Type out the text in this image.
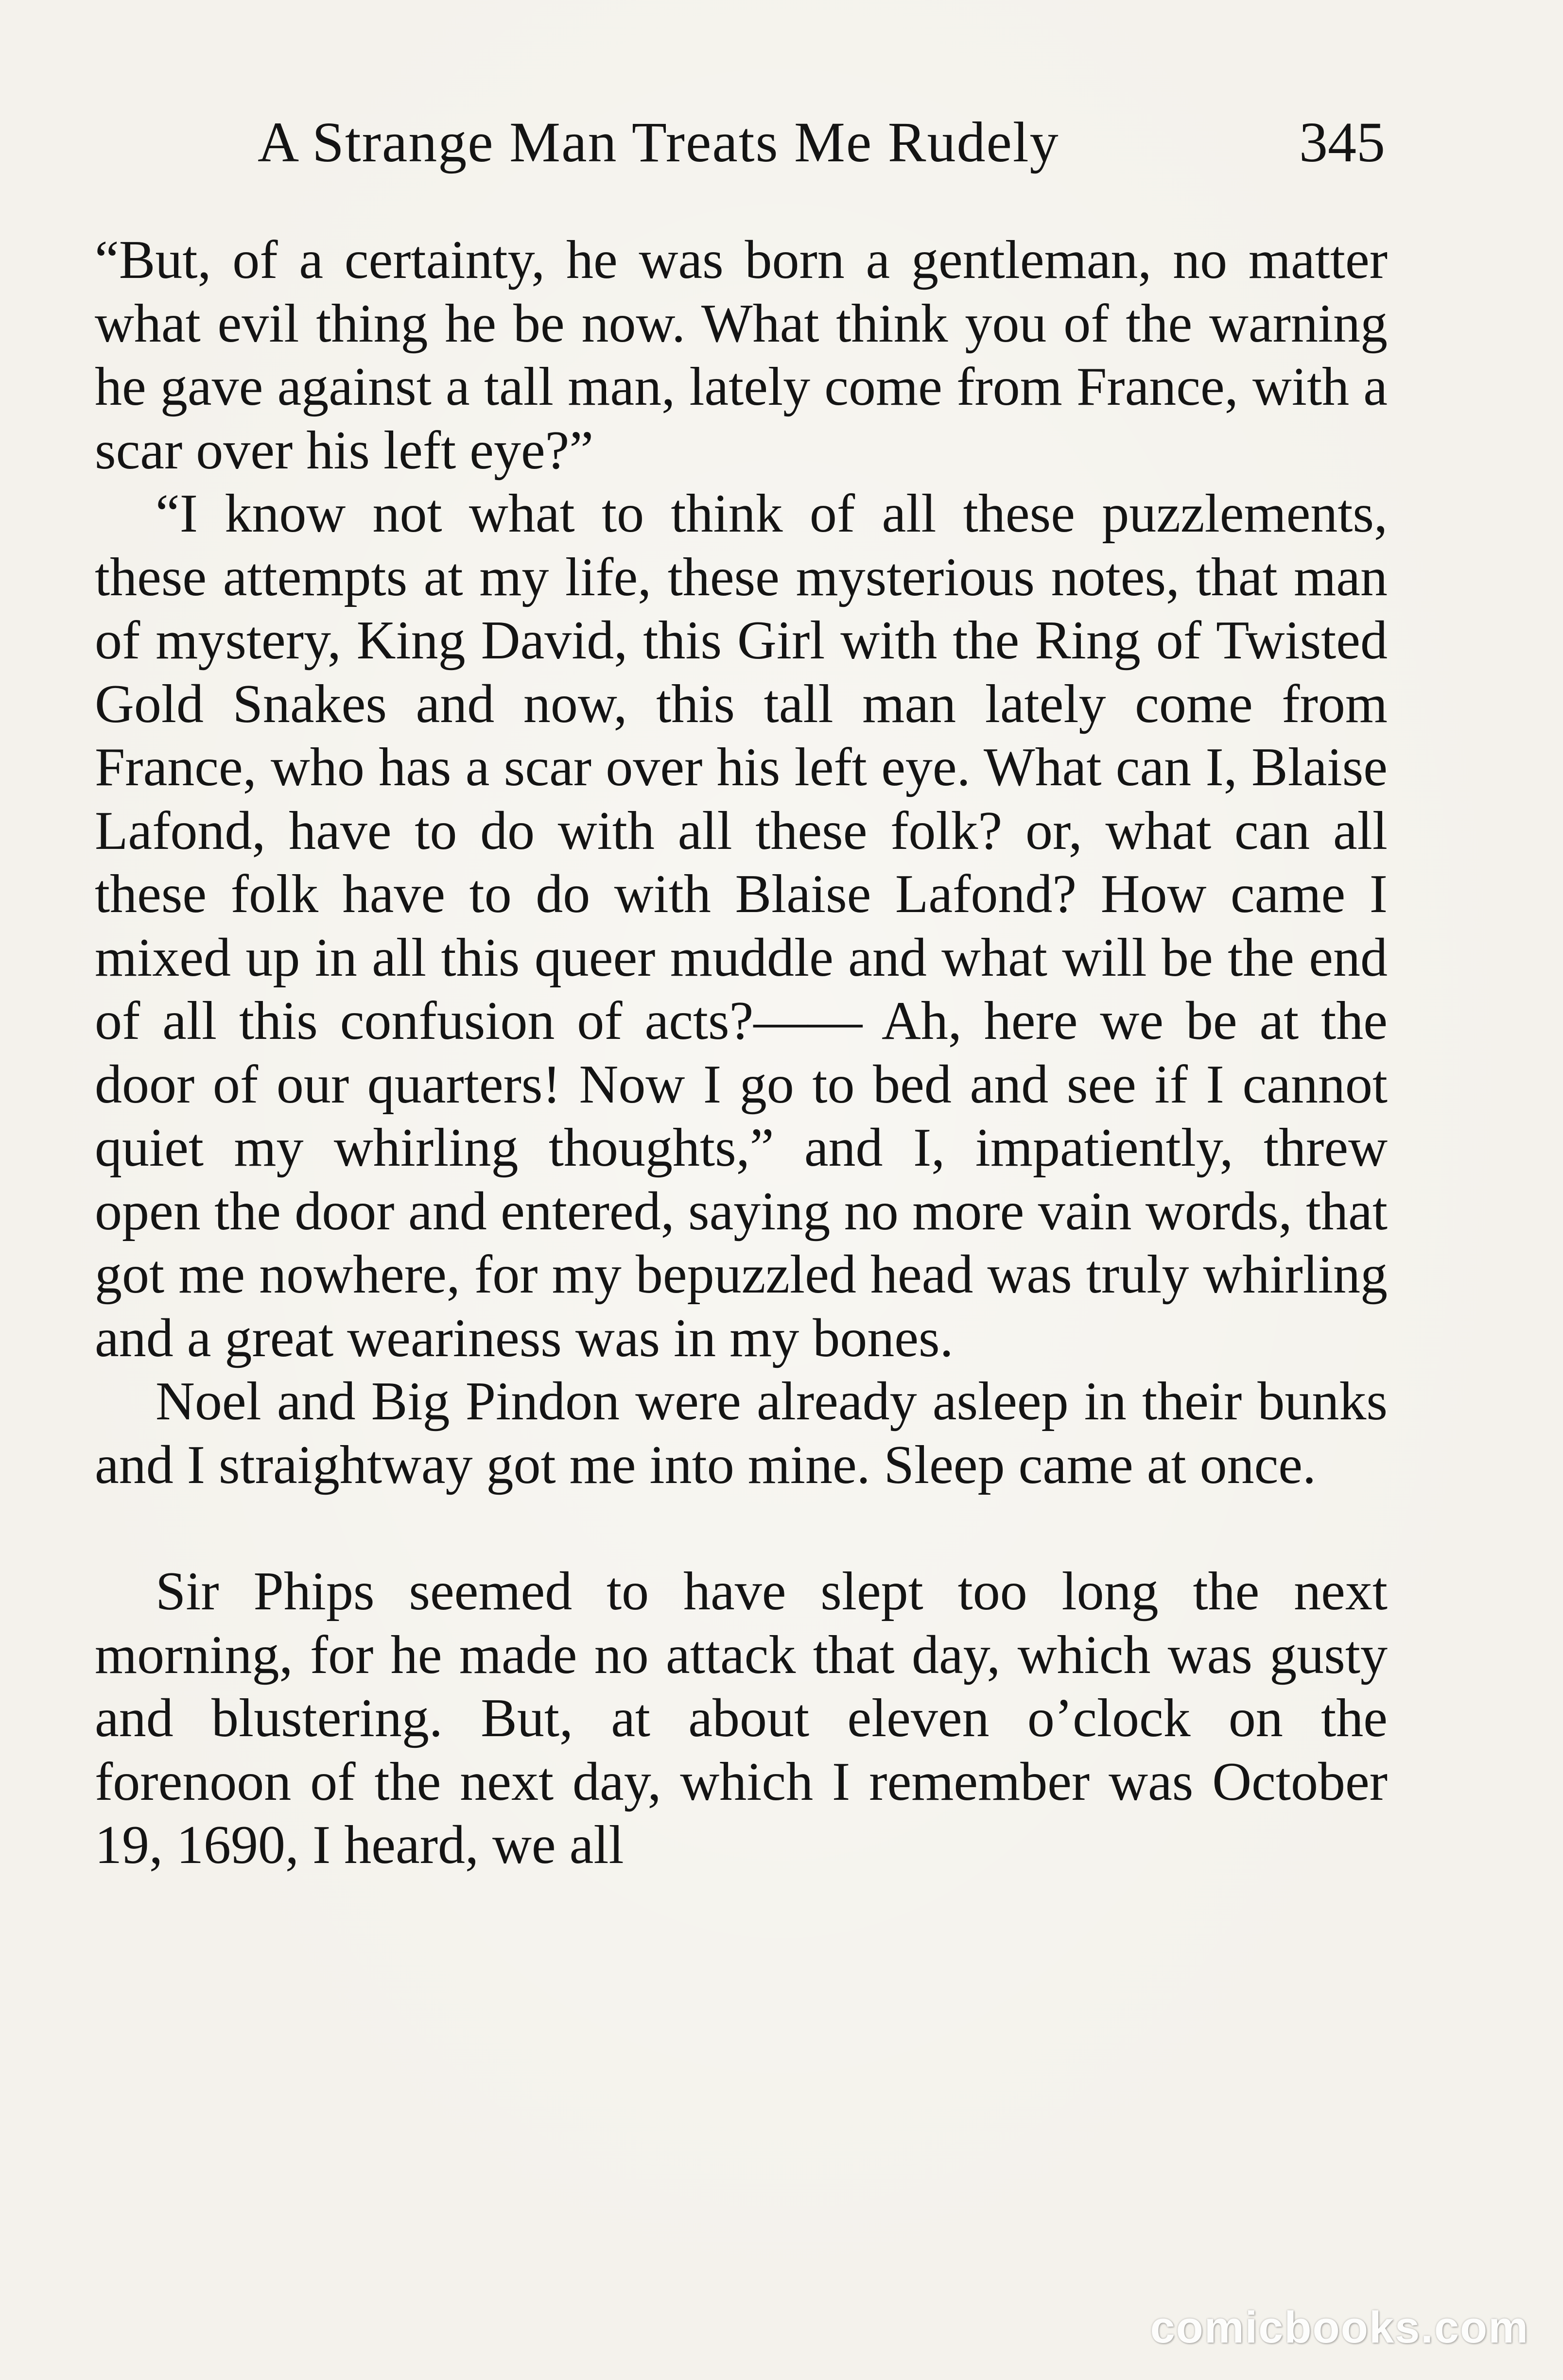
A Strange Man Treats Me Rudely	345

“But, of a certainty, he was born a gentleman, no matter what evil thing he be now. What think you of the warning he gave against a tall man, lately come from France, with a scar over his left eye?”

“I know not what to think of all these puzzlements, these attempts at my life, these mysterious notes, that man of mystery, King David, this Girl with the Ring of Twisted Gold Snakes and now, this tall man lately come from France, who has a scar over his left eye. What can I, Blaise Lafond, have to do with all these folk? or, what can all these folk have to do with Blaise Lafond? How came I mixed up in all this queer muddle and what will be the end of all this confusion of acts?—— Ah, here we be at the door of our quarters! Now I go to bed and see if I cannot quiet my whirling thoughts,” and I, impatiently, threw open the door and entered, saying no more vain words, that got me nowhere, for my bepuzzled head was truly whirling and a great weariness was in my bones.

Noel and Big Pindon were already asleep in their bunks and I straightway got me into mine. Sleep came at once.

Sir Phips seemed to have slept too long the next morning, for he made no attack that day, which was gusty and blustering. But, at about eleven o’clock on the forenoon of the next day, which I remember was October 19, 1690, I heard, we all

comicbooks.com
